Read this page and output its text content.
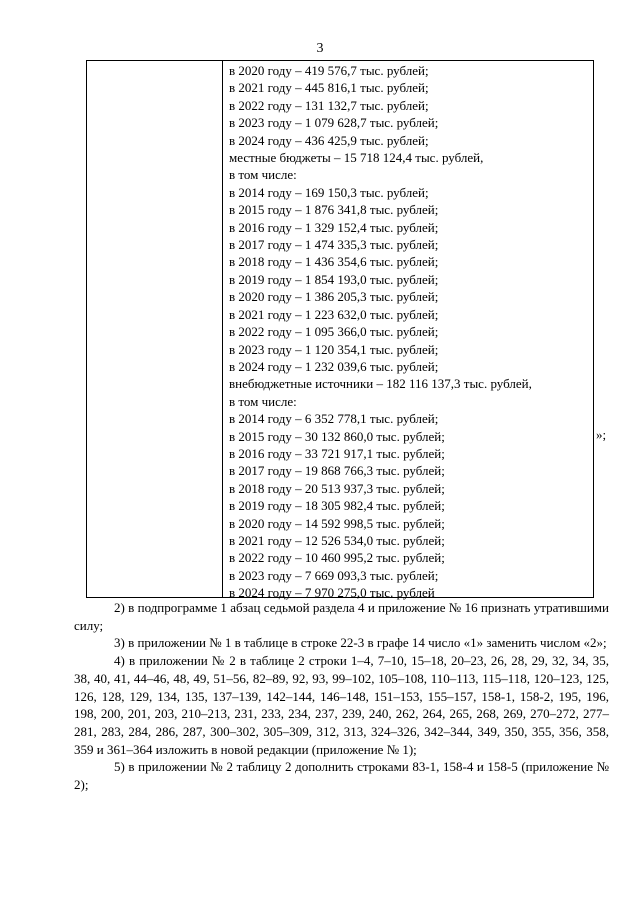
3
в 2020 году – 419 576,7 тыс. рублей;
в 2021 году – 445 816,1 тыс. рублей;
в 2022 году – 131 132,7 тыс. рублей;
в 2023 году – 1 079 628,7 тыс. рублей;
в 2024 году – 436 425,9 тыс. рублей;
местные бюджеты – 15 718 124,4 тыс. рублей,
в том числе:
в 2014 году – 169 150,3 тыс. рублей;
в 2015 году – 1 876 341,8 тыс. рублей;
в 2016 году – 1 329 152,4 тыс. рублей;
в 2017 году – 1 474 335,3 тыс. рублей;
в 2018 году – 1 436 354,6 тыс. рублей;
в 2019 году – 1 854 193,0 тыс. рублей;
в 2020 году – 1 386 205,3 тыс. рублей;
в 2021 году – 1 223 632,0 тыс. рублей;
в 2022 году – 1 095 366,0 тыс. рублей;
в 2023 году – 1 120 354,1 тыс. рублей;
в 2024 году – 1 232 039,6 тыс. рублей;
внебюджетные источники – 182 116 137,3 тыс. рублей,
в том числе:
в 2014 году – 6 352 778,1 тыс. рублей;
в 2015 году – 30 132 860,0 тыс. рублей;
в 2016 году – 33 721 917,1 тыс. рублей;
в 2017 году – 19 868 766,3 тыс. рублей;
в 2018 году – 20 513 937,3 тыс. рублей;
в 2019 году – 18 305 982,4 тыс. рублей;
в 2020 году – 14 592 998,5 тыс. рублей;
в 2021 году – 12 526 534,0 тыс. рублей;
в 2022 году – 10 460 995,2 тыс. рублей;
в 2023 году – 7 669 093,3 тыс. рублей;
в 2024 году – 7 970 275,0 тыс. рублей
»;

2) в подпрограмме 1 абзац седьмой раздела 4 и приложение № 16 признать утратившими силу;

3) в приложении № 1 в таблице в строке 22-3 в графе 14 число «1» заменить числом «2»;

4) в приложении № 2 в таблице 2 строки 1–4, 7–10, 15–18, 20–23, 26, 28, 29, 32, 34, 35, 38, 40, 41, 44–46, 48, 49, 51–56, 82–89, 92, 93, 99–102, 105–108, 110–113, 115–118, 120–123, 125, 126, 128, 129, 134, 135, 137–139, 142–144, 146–148, 151–153, 155–157, 158-1, 158-2, 195, 196, 198, 200, 201, 203, 210–213, 231, 233, 234, 237, 239, 240, 262, 264, 265, 268, 269, 270–272, 277–281, 283, 284, 286, 287, 300–302, 305–309, 312, 313, 324–326, 342–344, 349, 350, 355, 356, 358, 359 и 361–364 изложить в новой редакции (приложение № 1);

5) в приложении № 2 таблицу 2 дополнить строками 83-1, 158-4 и 158-5 (приложение № 2);
